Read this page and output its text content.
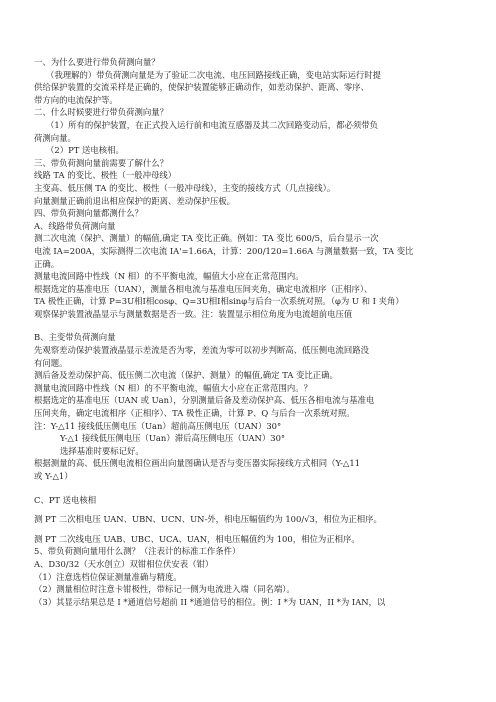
一、为什么要进行带负荷测向量？
（我理解的）带负荷测向量是为了验证二次电流、电压回路接线正确，变电站实际运行时提
供给保护装置的交流采样是正确的，使保护装置能够正确动作，如差动保护、距离、零序、
带方向的电流保护等。
二、什么时候要进行带负荷测向量？
（1）所有的保护装置，在正式投入运行前和电流互感器及其二次回路变动后，都必须带负
荷测向量。
（2）PT 送电核相。
三、带负荷测向量前需要了解什么？
线路 TA 的变比、极性（一般冲母线）
主变高、低压侧 TA 的变比、极性（一般冲母线），主变的接线方式（几点接线）。
向量测量正确前退出相应保护的距离、差动保护压板。
四、带负荷测向量都测什么？
A、线路带负荷测向量
测二次电流（保护、测量）的幅值,确定 TA 变比正确。例如：TA 变比 600/5，后台显示一次
电流 IA=200A，实际测得二次电流 IA'=1.66A，计算：200/120=1.66A 与测量数据一致，TA 变比
正确。
测量电流回路中性线（N 相）的不平衡电流，幅值大小应在正常范围内。
根据选定的基准电压（UAN），测量各相电流与基准电压间夹角，确定电流相序（正相序）、
TA 极性正确，计算 P=3U相I相cosφ、Q=3U相I相sinφ与后台一次系统对照。（φ为 U 和 I 夹角）
观察保护装置液晶显示与测量数据是否一致。注：装置显示相位角度为电流超前电压值
B、主变带负荷测向量
先观察差动保护装置液晶显示差流是否为零，差流为零可以初步判断高、低压侧电流回路没
有问题。
测后备及差动保护高、低压侧二次电流（保护、测量）的幅值,确定 TA 变比正确。
测量电流回路中性线（N 相）的不平衡电流，幅值大小应在正常范围内。？
根据选定的基准电压（UAN 或 Uan），分别测量后备及差动保护高、低压各相电流与基准电
压间夹角，确定电流相序（正相序）、TA 极性正确，计算 P、Q 与后台一次系统对照。
注：Y-△11 接线低压侧电压（Uan）超前高压侧电压（UAN）30°
Y-△1 接线低压侧电压（Uan）滞后高压侧电压（UAN）30°
选择基准时要标记好。
根据测量的高、低压侧电流相位画出向量图确认是否与变压器实际接线方式相同（Y-△11
或 Y-△1）
C、PT 送电核相
测 PT 二次相电压 UAN、UBN、UCN、UN-外，相电压幅值约为 100/√3，相位为正相序。
测 PT 二次线电压 UAB、UBC、UCA、UAN，相电压幅值约为 100，相位为正相序。
5、带负荷测向量用什么测？（注表计的标准工作条件）
A、D30/32（天水创立）双钳相位伏安表（钳）
（1）注意选档位保证测量准确与精度。
（2）测量相位时注意卡钳极性，带标记一侧为电流进入端（同名端）。
（3）其显示结果总是 I *通道信号超前 II *通道信号的相位。例：I *为 UAN，II *为 IAN，以
